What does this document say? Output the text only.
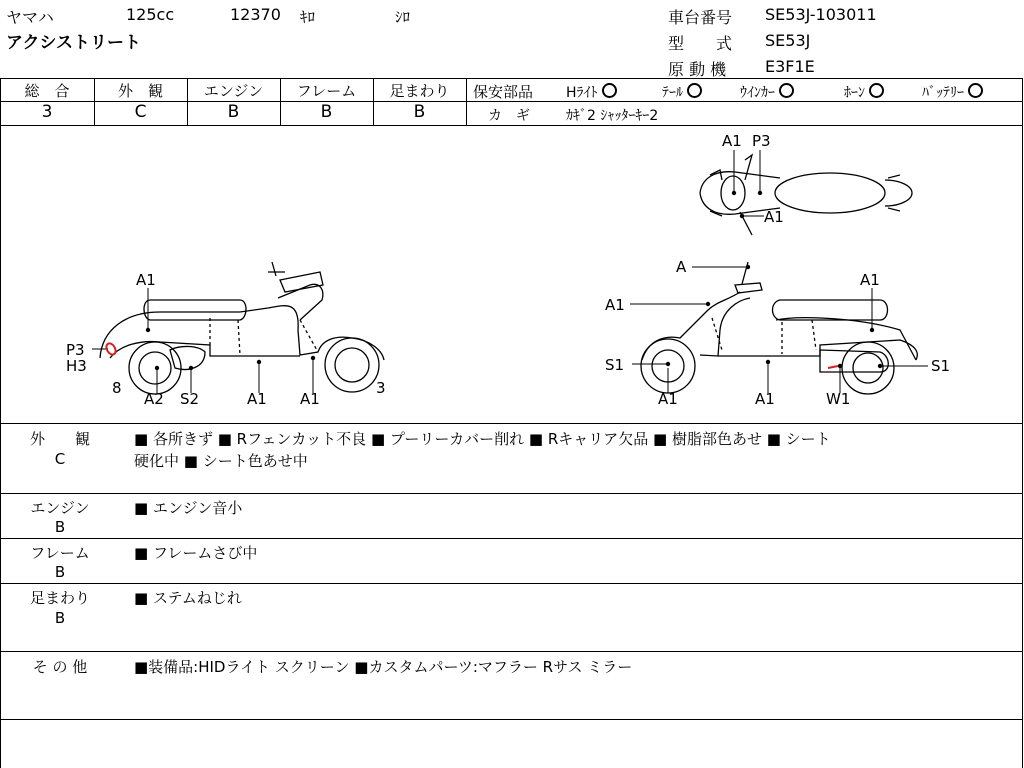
ヤマハ	125cc	12370 ｷﾛ	ｼﾛ
アクシストリート
車台番号 SE53J-103011
型　　式 SE53J
原 動 機 E3F1E
総　合	外　観	エンジン	フレーム	足まわり
3	C	B	B	B
保安部品 Hﾗｲﾄ	ﾃｰﾙ	ｳｲﾝｶｰ	ﾎｰﾝ	ﾊﾞｯﾃﾘｰ
カ　ギ	ｶｷﾞ2 ｼｬｯﾀｰｷｰ2
A1
P3
H3
8
A2 S2	A1 A1
3
A
A1
A1
S1	S1
A1	A1	W1
A1 P3
A1
外　　観
C
■ 各所きず ■ Rフェンカット不良 ■ プーリーカバー削れ ■ Rキャリア欠品 ■ 樹脂部色あせ ■ シート
硬化中 ■ シート色あせ中
エンジン
B
■ エンジン音小
フレーム
B
■ フレームさび中
足まわり
B
■ ステムねじれ
そ の 他	■装備品:HIDライト スクリーン ■カスタムパーツ:マフラー Rサス ミラー
